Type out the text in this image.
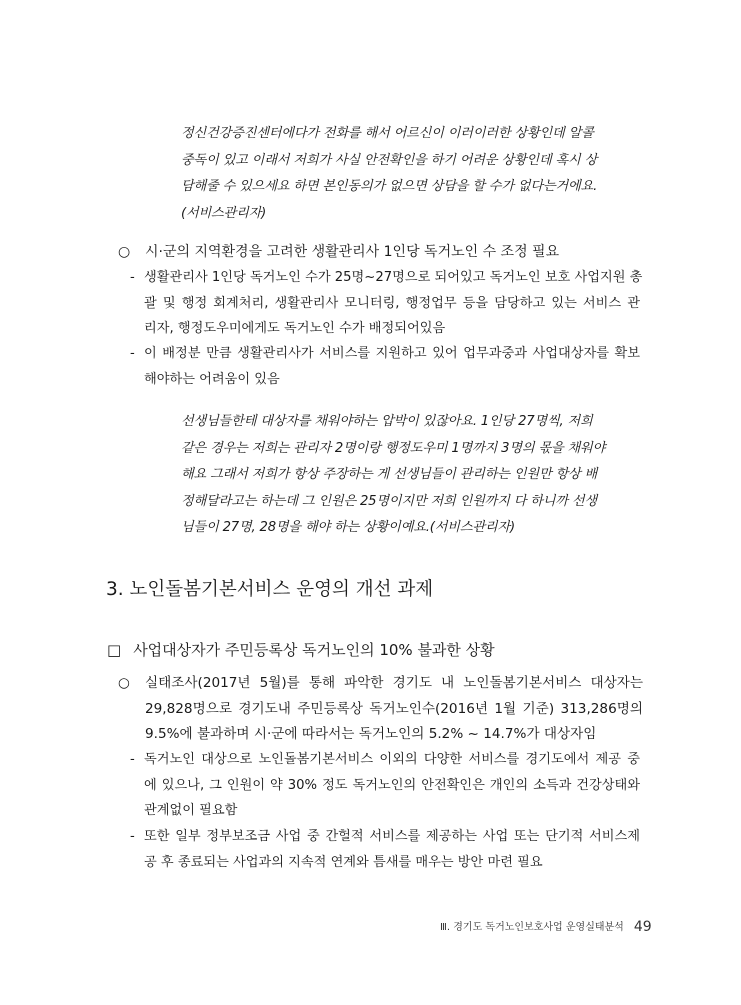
정신건강증진센터에다가 전화를 해서 어르신이 이러이러한 상황인데 알콜
중독이 있고 이래서 저희가 사실 안전확인을 하기 어려운 상황인데 혹시 상
담해줄 수 있으세요 하면 본인동의가 없으면 상담을 할 수가 없다는거에요.
(서비스관리자)
○ 시·군의 지역환경을 고려한 생활관리사 1인당 독거노인 수 조정 필요
- 생활관리사 1인당 독거노인 수가 25명~27명으로 되어있고 독거노인 보호 사업지원 총
괄 및 행정 회계처리, 생활관리사 모니터링, 행정업무 등을 담당하고 있는 서비스 관
리자, 행정도우미에게도 독거노인 수가 배정되어있음
- 이 배정분 만큼 생활관리사가 서비스를 지원하고 있어 업무과중과 사업대상자를 확보
해야하는 어려움이 있음
선생님들한테 대상자를 채워야하는 압박이 있잖아요. 1인당 27명씩, 저희
같은 경우는 저희는 관리자 2명이랑 행정도우미 1명까지 3명의 몫을 채워야
해요 그래서 저희가 항상 주장하는 게 선생님들이 관리하는 인원만 항상 배
정해달라고는 하는데 그 인원은 25명이지만 저희 인원까지 다 하니까 선생
님들이 27명, 28명을 해야 하는 상황이예요.(서비스관리자)
3. 노인돌봄기본서비스 운영의 개선 과제
□ 사업대상자가 주민등록상 독거노인의 10% 불과한 상황
○ 실태조사(2017년 5월)를 통해 파악한 경기도 내 노인돌봄기본서비스 대상자는
29,828명으로 경기도내 주민등록상 독거노인수(2016년 1월 기준) 313,286명의
9.5%에 불과하며 시·군에 따라서는 독거노인의 5.2% ~ 14.7%가 대상자임
- 독거노인 대상으로 노인돌봄기본서비스 이외의 다양한 서비스를 경기도에서 제공 중
에 있으나, 그 인원이 약 30% 정도 독거노인의 안전확인은 개인의 소득과 건강상태와
관계없이 필요함
- 또한 일부 정부보조금 사업 중 간헐적 서비스를 제공하는 사업 또는 단기적 서비스제
공 후 종료되는 사업과의 지속적 연계와 틈새를 매우는 방안 마련 필요
Ⅲ. 경기도 독거노인보호사업 운영실태분석 49
